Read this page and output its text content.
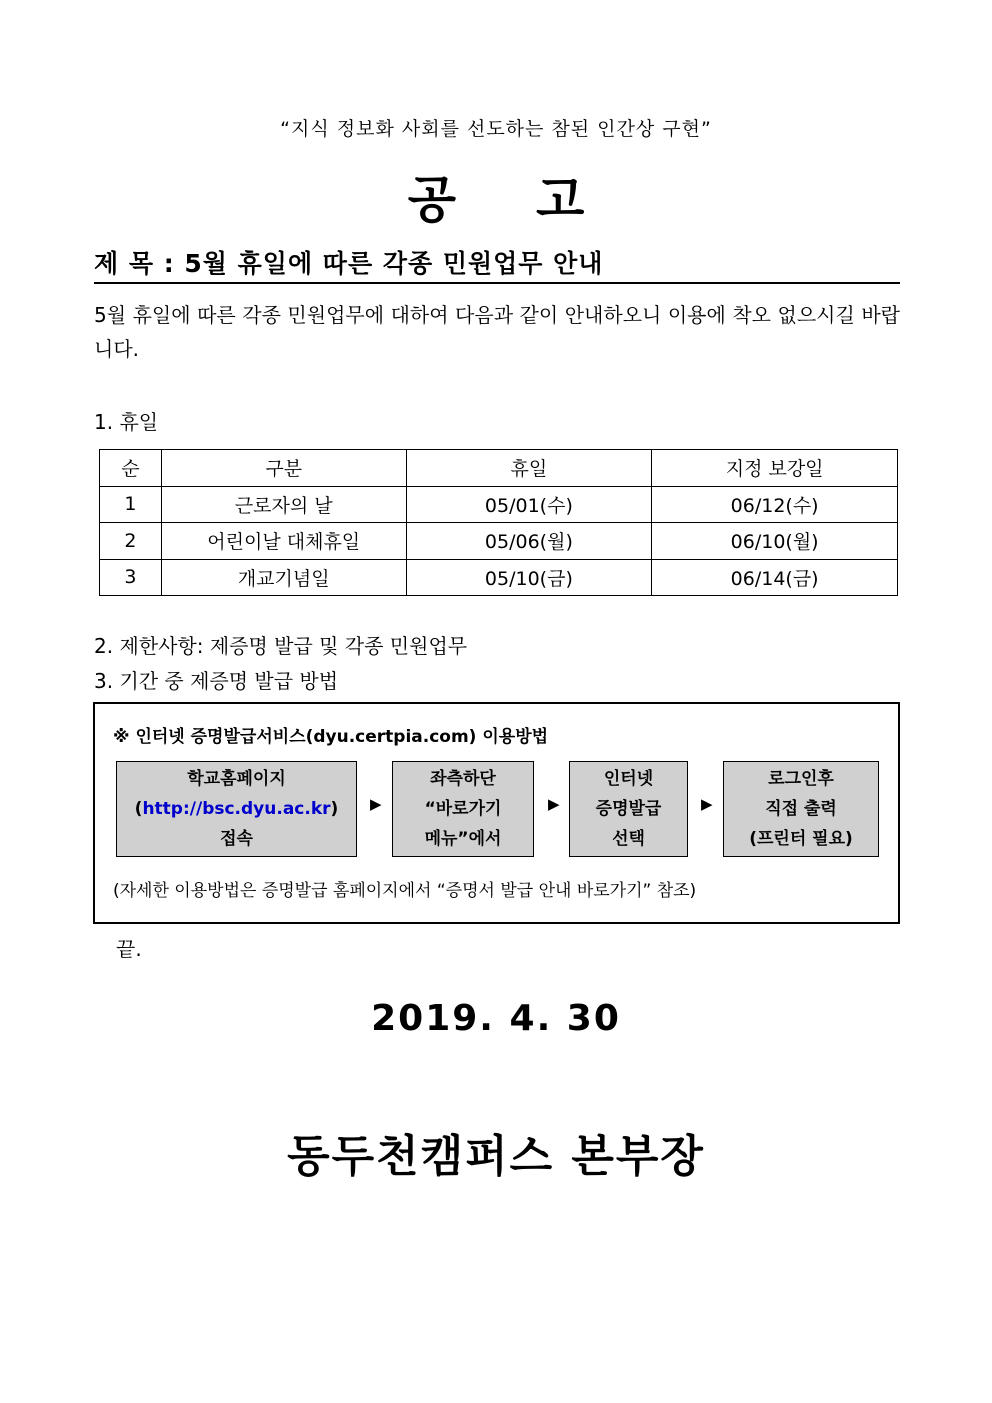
“지식 정보화 사회를 선도하는 참된 인간상 구현”
공 고
제 목 : 5월 휴일에 따른 각종 민원업무 안내
5월 휴일에 따른 각종 민원업무에 대하여 다음과 같이 안내하오니 이용에 착오 없으시길 바랍니다.
1. 휴일
순	구분	휴일	지정 보강일
1	근로자의 날	05/01(수)	06/12(수)
2	어린이날 대체휴일	05/06(월)	06/10(월)
3	개교기념일	05/10(금)	06/14(금)
2. 제한사항: 제증명 발급 및 각종 민원업무
3. 기간 중 제증명 발급 방법
※ 인터넷 증명발급서비스(dyu.certpia.com) 이용방법
학교홈페이지
(http://bsc.dyu.ac.kr)
접속
▶
좌측하단
“바로가기
메뉴”에서
▶
인터넷
증명발급
선택
▶
로그인후
직접 출력
(프린터 필요)
(자세한 이용방법은 증명발급 홈페이지에서 “증명서 발급 안내 바로가기” 참조)
끝.
2019. 4. 30
동두천캠퍼스 본부장
